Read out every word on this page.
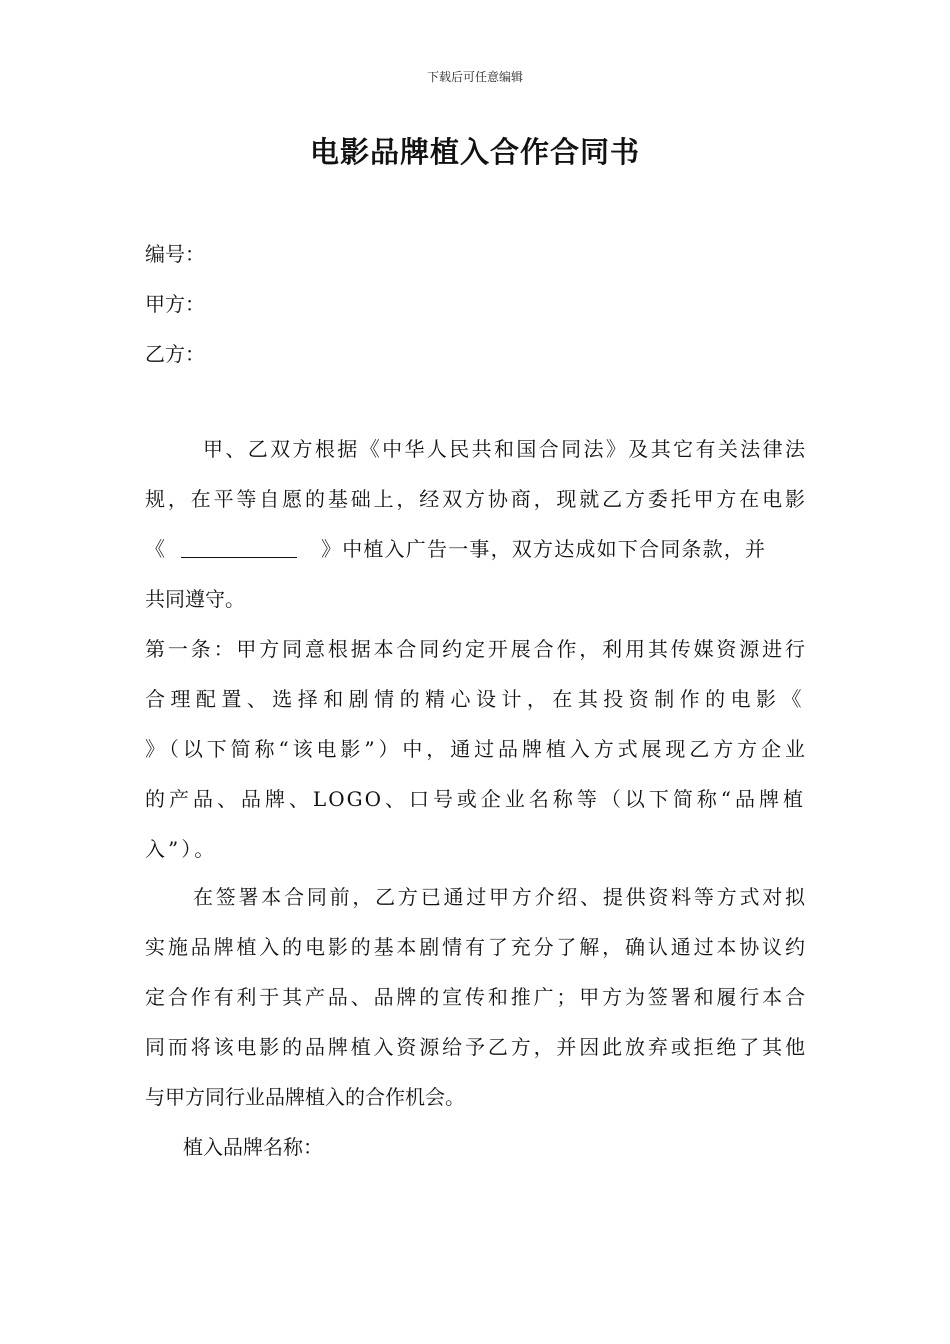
下载后可任意编辑
电影品牌植入合作合同书
编号：
甲方：
乙方：
甲、乙双方根据《中华人民共和国合同法》及其它有关法律法
规，在平等自愿的基础上，经双方协商，现就乙方委托甲方在电影
《	》中植入广告一事，双方达成如下合同条款，并
共同遵守。
第一条：甲方同意根据本合同约定开展合作，利用其传媒资源进行
合理配置、选择和剧情的精心设计，在其投资制作的电影《
》（以下简称“该电影”）中，通过品牌植入方式展现乙方方企业
的产品、品牌、LOGO、口号或企业名称等（以下简称“品牌植
入”）。
在签署本合同前，乙方已通过甲方介绍、提供资料等方式对拟
实施品牌植入的电影的基本剧情有了充分了解，确认通过本协议约
定合作有利于其产品、品牌的宣传和推广；甲方为签署和履行本合
同而将该电影的品牌植入资源给予乙方，并因此放弃或拒绝了其他
与甲方同行业品牌植入的合作机会。
植入品牌名称：
